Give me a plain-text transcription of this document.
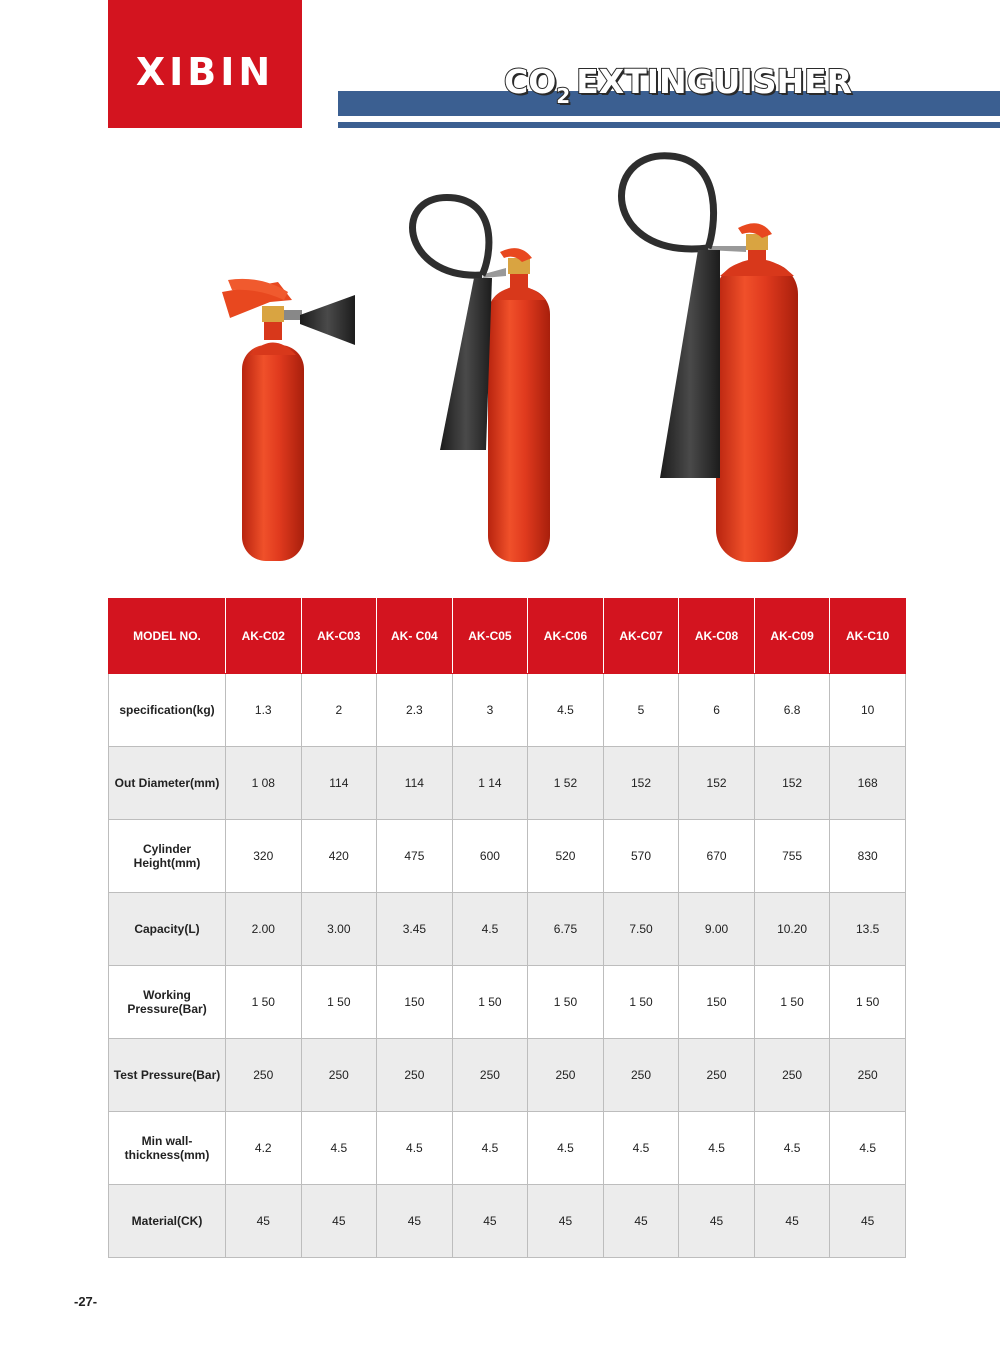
XIBIN	$CO_2$ EXTINGUISHER
MODEL NO.	AK-C02	AK-C03	AK- C04	AK-C05	AK-C06	AK-C07	AK-C08	AK-C09	AK-C10
specification(kg)	1.3	2	2.3	3	4.5	5	6	6.8	10
Out Diameter(mm)	1 08	114	114	1 14	1 52	152	152	152	168
Cylinder
Height(mm)	320	420	475	600	520	570	670	755	830
Capacity(L)	2.00	3.00	3.45	4.5	6.75	7.50	9.00	10.20	13.5
Working
Pressure(Bar)	1 50	1 50	150	1 50	1 50	1 50	150	1 50	1 50
Test Pressure(Bar)	250	250	250	250	250	250	250	250	250
Min wall-
thickness(mm)	4.2	4.5	4.5	4.5	4.5	4.5	4.5	4.5	4.5
Material(CK)	45	45	45	45	45	45	45	45	45
-27-
